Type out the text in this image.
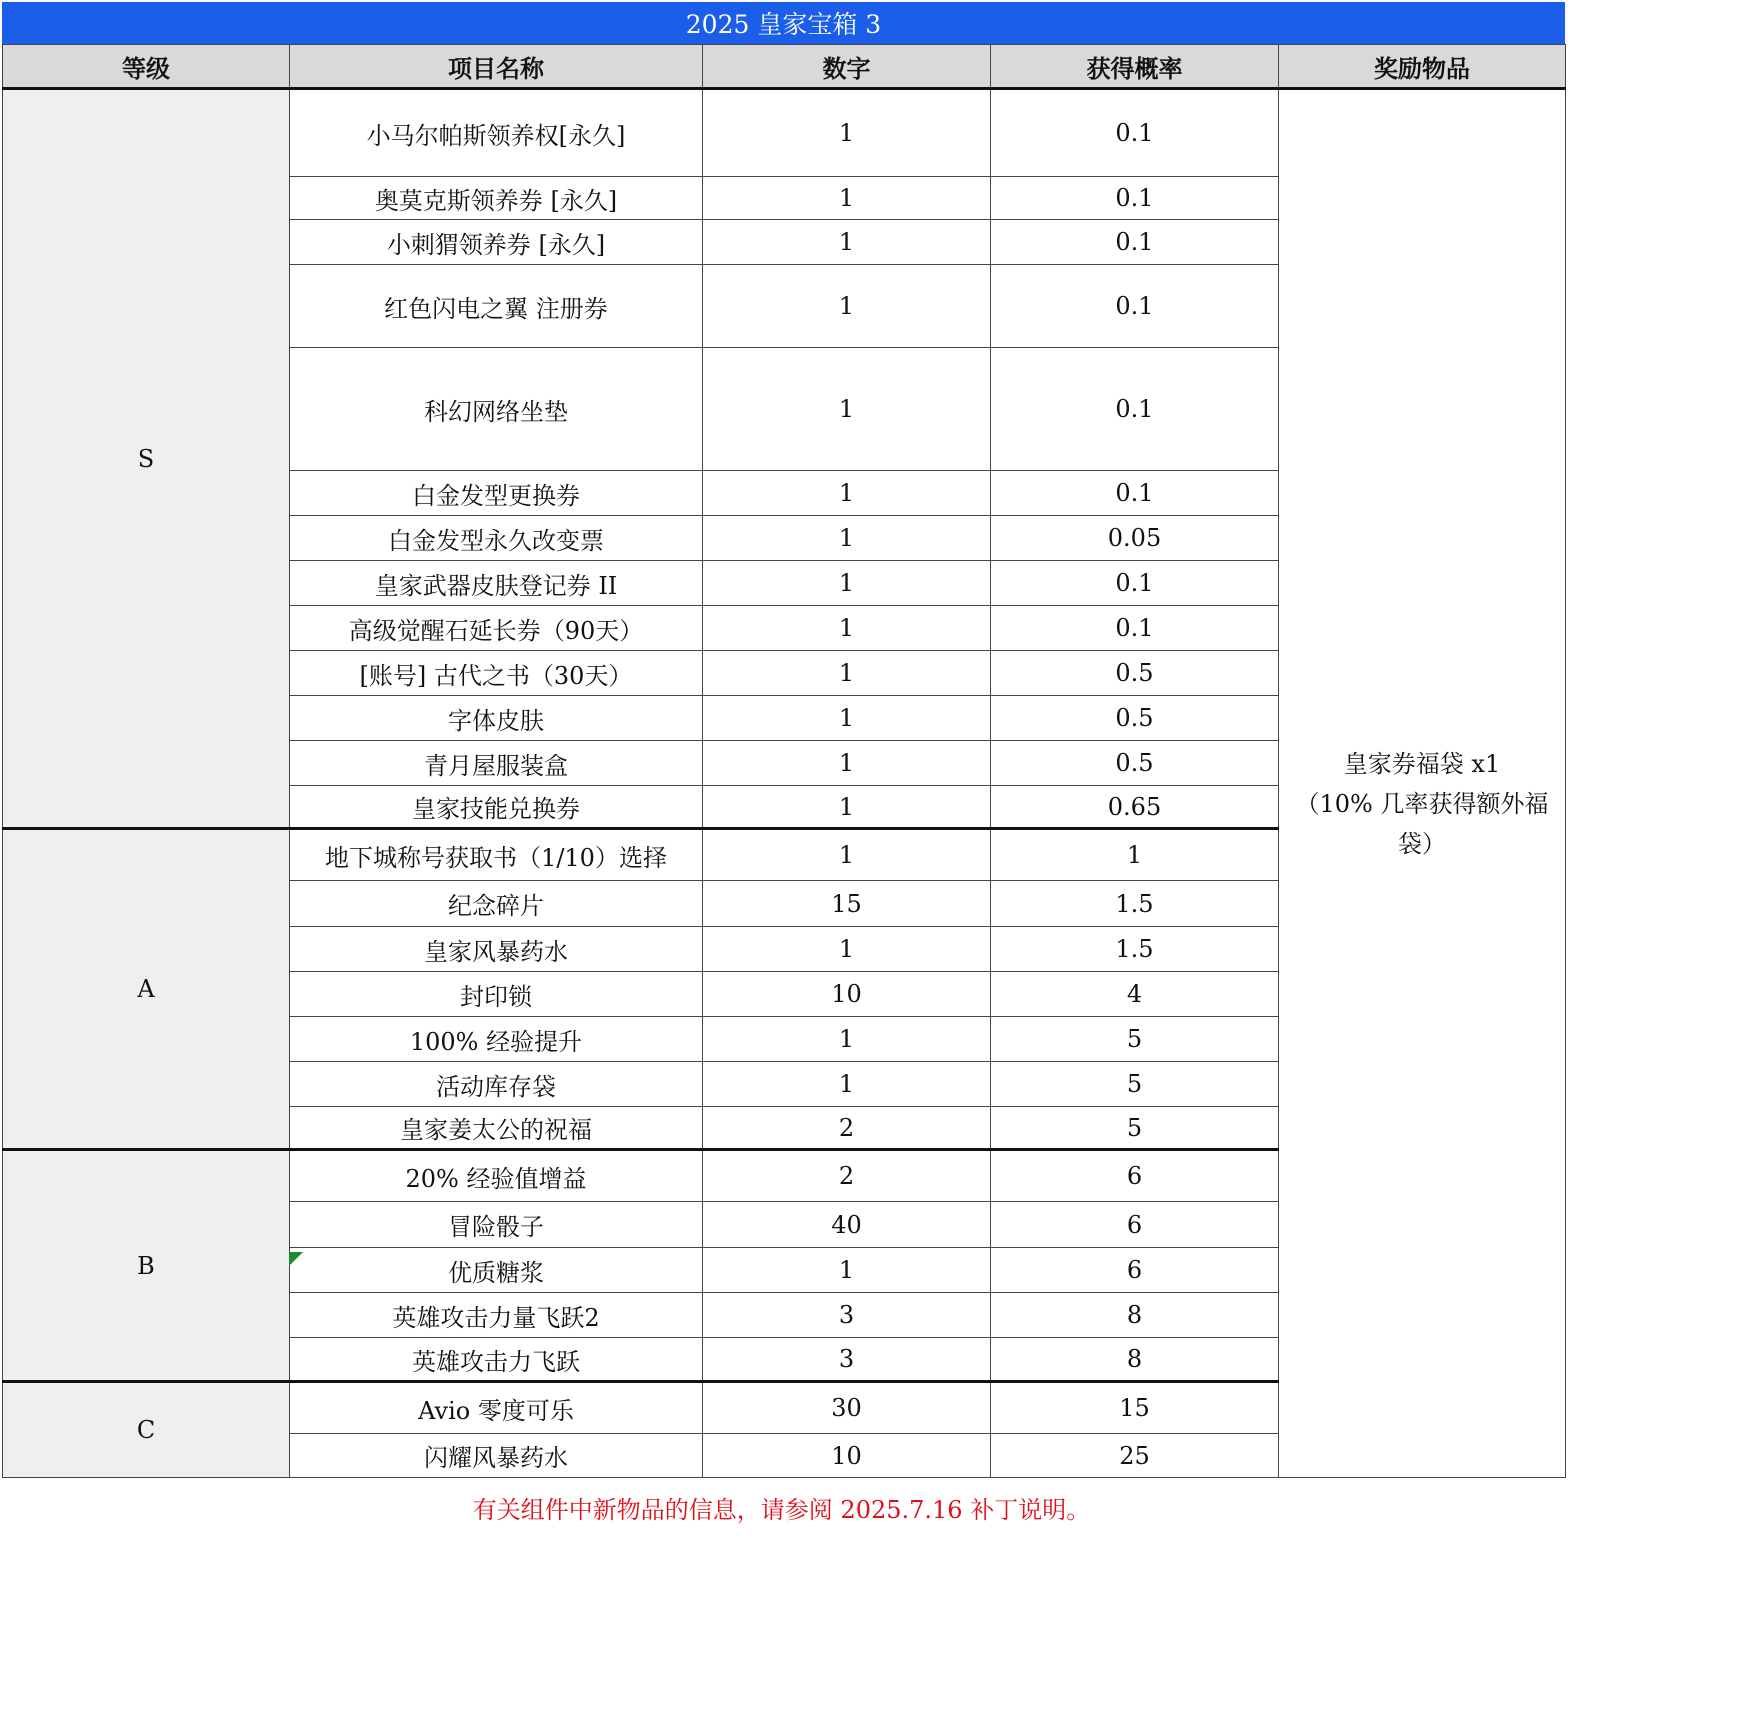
2025 皇家宝箱 3
等级	项目名称	数字	获得概率	奖励物品
S	小马尔帕斯领养权[永久]	1	0.1	皇家券福袋 x1
（10% 几率获得额外福
袋）

	奥莫克斯领养券 [永久]	1	0.1	
	小刺猬领养券 [永久]	1	0.1	
	红色闪电之翼 注册券	1	0.1	
	科幻网络坐垫	1	0.1	
	白金发型更换券	1	0.1	
	白金发型永久改变票	1	0.05	
	皇家武器皮肤登记券 II	1	0.1	
	高级觉醒石延长券（90天）	1	0.1	
	[账号] 古代之书（30天）	1	0.5	
	字体皮肤	1	0.5	
	青月屋服装盒	1	0.5	
	皇家技能兑换券	1	0.65	
A	地下城称号获取书（1/10）选择	1	1	
	纪念碎片	15	1.5	
	皇家风暴药水	1	1.5	
	封印锁	10	4	
	100% 经验提升	1	5	
	活动库存袋	1	5	
	皇家姜太公的祝福	2	5	
B	20% 经验值增益	2	6	
	冒险骰子	40	6	
	优质糖浆	1	6	
	英雄攻击力量飞跃2	3	8	
	英雄攻击力飞跃	3	8	
C	Avio 零度可乐	30	15	
	闪耀风暴药水	10	25	
有关组件中新物品的信息，请参阅 2025.7.16 补丁说明。
